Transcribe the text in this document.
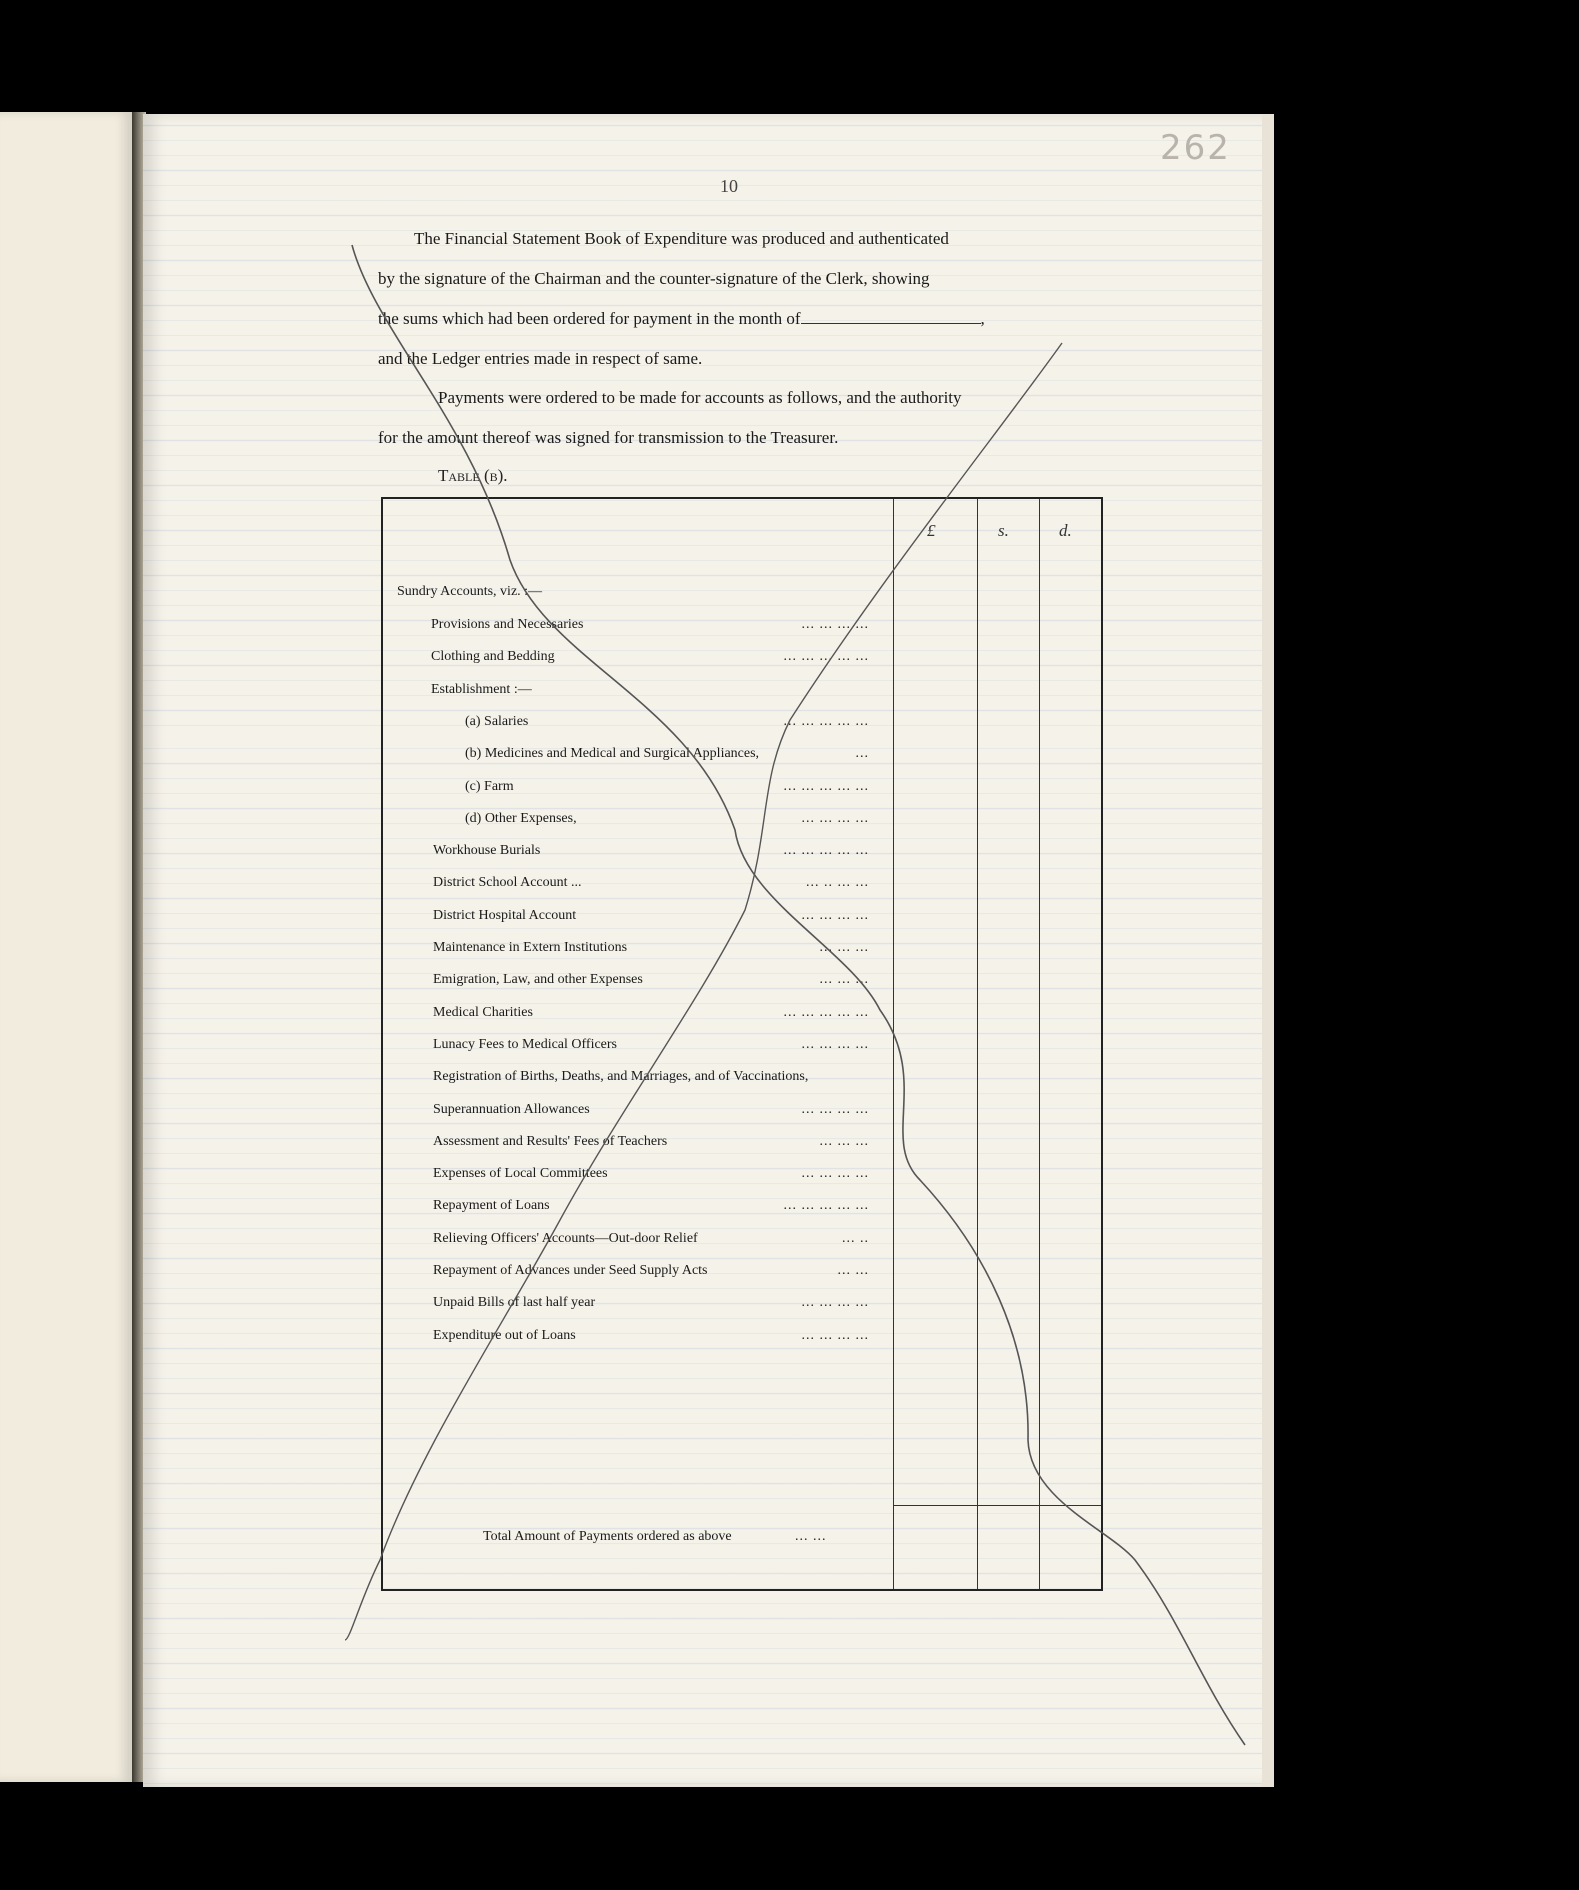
262
10
The Financial Statement Book of Expenditure was produced and authenticated
by the signature of the Chairman and the counter-signature of the Clerk, showing
the sums which had been ordered for payment in the month of	,
and the Ledger entries made in respect of same.
Payments were ordered to be made for accounts as follows, and the authority
for the amount thereof was signed for transmission to the Treasurer.
Table (b).
£	s.	d.
Sundry Accounts, viz. :—
Provisions and Necessaries	... ... ... ...
Clothing and Bedding	... ... ... ... ...
Establishment :—
(a) Salaries	... ... ... ... ...
(b) Medicines and Medical and Surgical Appliances,	...
(c) Farm	... ... ... ... ...
(d) Other Expenses,	... ... ... ...
Workhouse Burials	... ... ... ... ...
District School Account ...	... .. ... ...
District Hospital Account	... ... ... ...
Maintenance in Extern Institutions	... ... ...
Emigration, Law, and other Expenses	... ... ...
Medical Charities	... ... ... ... ...
Lunacy Fees to Medical Officers	... ... ... ...
Registration of Births, Deaths, and Marriages, and of Vaccinations,
Superannuation Allowances	... ... ... ...
Assessment and Results' Fees of Teachers	... ... ...
Expenses of Local Committees	... ... ... ...
Repayment of Loans	... ... ... ... ...
Relieving Officers' Accounts—Out-door Relief	... ..
Repayment of Advances under Seed Supply Acts	... ...
Unpaid Bills of last half year	... ... ... ...
Expenditure out of Loans	... ... ... ...
Total Amount of Payments ordered as above	... ...
